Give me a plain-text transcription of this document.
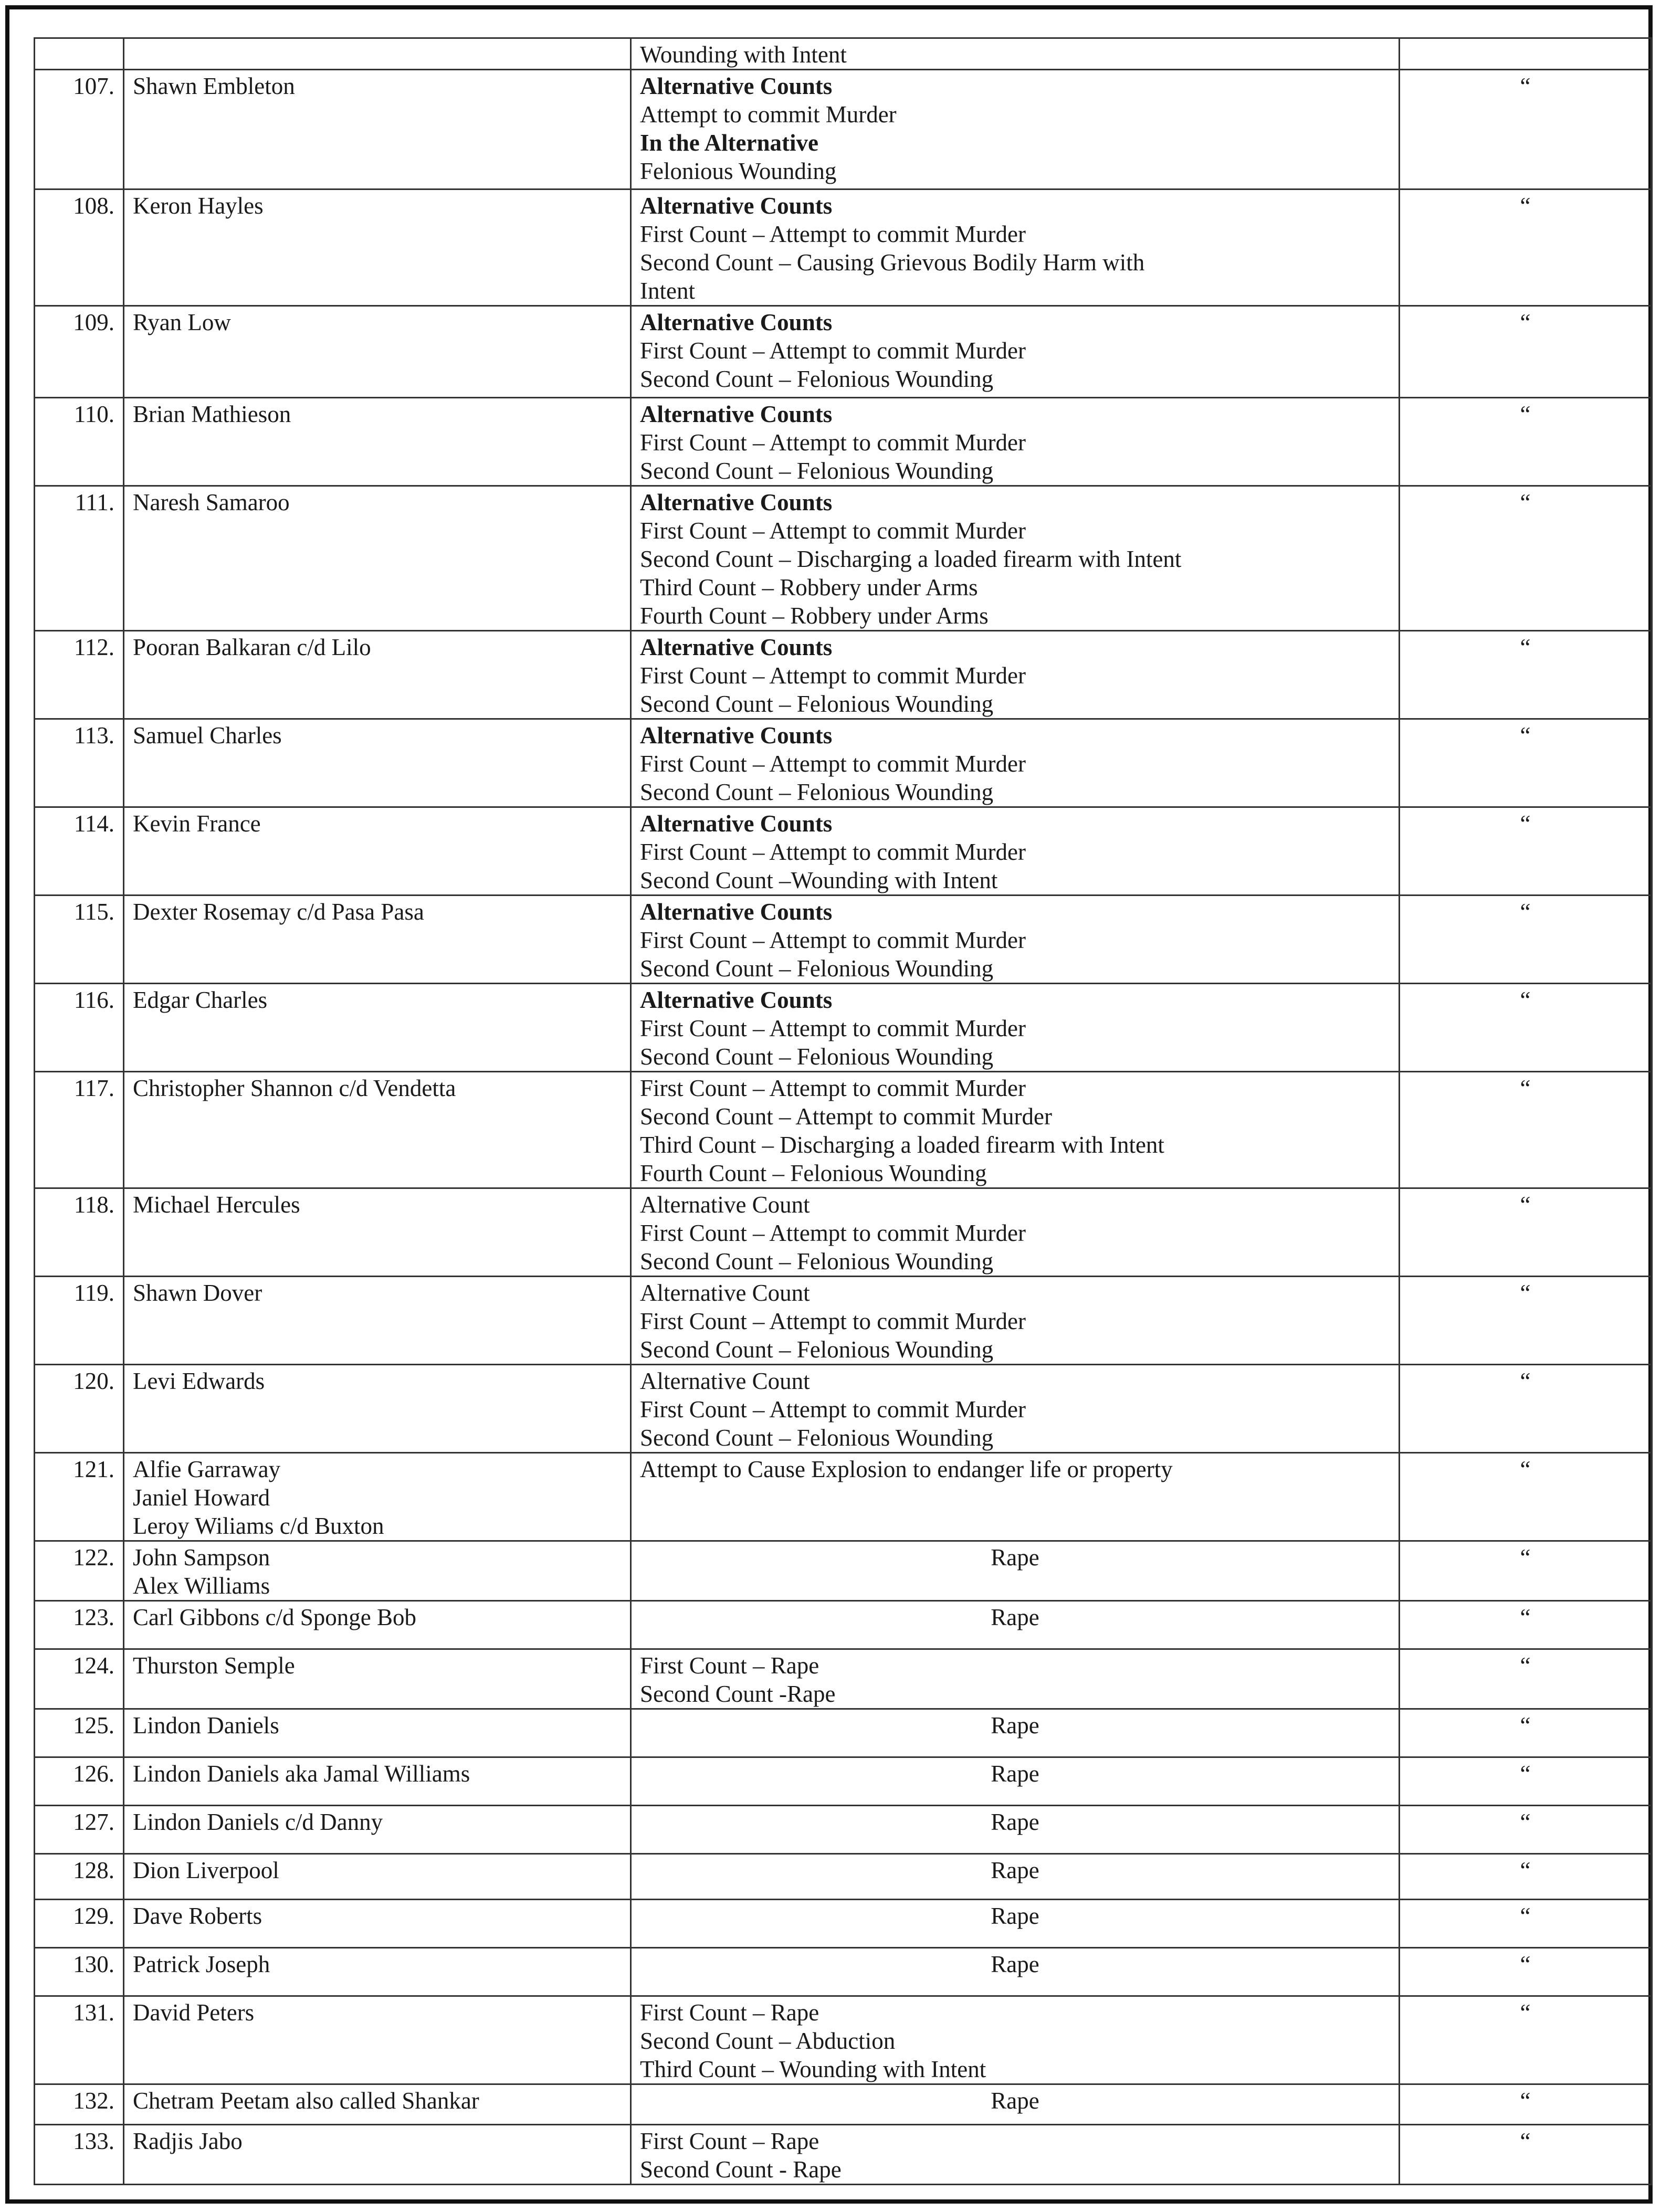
		Wounding with Intent	

107.	Shawn Embleton	Alternative Counts
Attempt to commit Murder
In the Alternative
Felonious Wounding	“
108.	Keron Hayles	Alternative Counts
First Count – Attempt to commit Murder
Second Count – Causing Grievous Bodily Harm with
Intent	“
109.	Ryan Low	Alternative Counts
First Count – Attempt to commit Murder
Second Count – Felonious Wounding	“
110.	Brian Mathieson	Alternative Counts
First Count – Attempt to commit Murder
Second Count – Felonious Wounding	“
111.	Naresh Samaroo	Alternative Counts
First Count – Attempt to commit Murder
Second Count – Discharging a loaded firearm with Intent
Third Count – Robbery under Arms
Fourth Count – Robbery under Arms	“
112.	Pooran Balkaran c/d Lilo	Alternative Counts
First Count – Attempt to commit Murder
Second Count – Felonious Wounding	“
113.	Samuel Charles	Alternative Counts
First Count – Attempt to commit Murder
Second Count – Felonious Wounding	“
114.	Kevin France	Alternative Counts
First Count – Attempt to commit Murder
Second Count –Wounding with Intent	“
115.	Dexter Rosemay c/d Pasa Pasa	Alternative Counts
First Count – Attempt to commit Murder
Second Count – Felonious Wounding	“
116.	Edgar Charles	Alternative Counts
First Count – Attempt to commit Murder
Second Count – Felonious Wounding	“
117.	Christopher Shannon c/d Vendetta	First Count – Attempt to commit Murder
Second Count – Attempt to commit Murder
Third Count – Discharging a loaded firearm with Intent
Fourth Count – Felonious Wounding	“
118.	Michael Hercules	Alternative Count
First Count – Attempt to commit Murder
Second Count – Felonious Wounding	“
119.	Shawn Dover	Alternative Count
First Count – Attempt to commit Murder
Second Count – Felonious Wounding	“
120.	Levi Edwards	Alternative Count
First Count – Attempt to commit Murder
Second Count – Felonious Wounding	“
121.	Alfie Garraway
Janiel Howard
Leroy Wiliams c/d Buxton	Attempt to Cause Explosion to endanger life or property	“
122.	John Sampson
Alex Williams	Rape	“
123.	Carl Gibbons c/d Sponge Bob	Rape	“
124.	Thurston Semple	First Count – Rape
Second Count -Rape	“
125.	Lindon Daniels	Rape	“
126.	Lindon Daniels aka Jamal Williams	Rape	“
127.	Lindon Daniels c/d Danny	Rape	“
128.	Dion Liverpool	Rape	“
129.	Dave Roberts	Rape	“
130.	Patrick Joseph	Rape	“
131.	David Peters	First Count – Rape
Second Count – Abduction
Third Count – Wounding with Intent	“
132.	Chetram Peetam also called Shankar	Rape	“
133.	Radjis Jabo	First Count – Rape
Second Count - Rape	“
